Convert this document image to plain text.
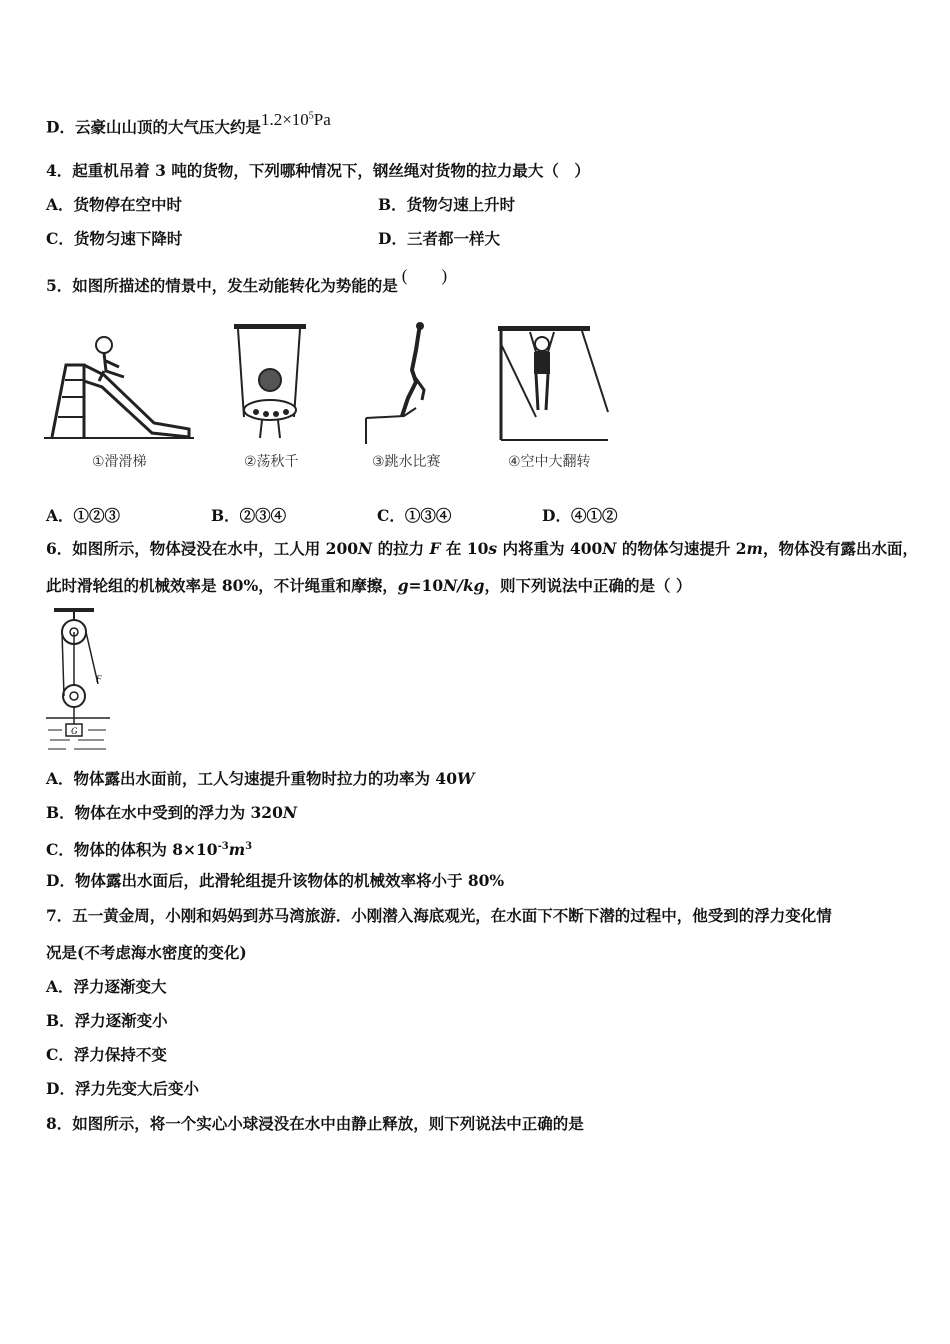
D．云豪山山顶的大气压大约是$1.2\times 10^5Pa$
4．起重机吊着 3 吨的货物，下列哪种情况下，钢丝绳对货物的拉力最大（　）
A．货物停在空中时	B．货物匀速上升时
C．货物匀速下降时	D．三者都一样大
5．如图所描述的情景中，发生动能转化为势能的是(　　)
①滑滑梯	②荡秋千	③跳水比赛	④空中大翻转
A．①②③	B．②③④	C．①③④	D．④①②
6．如图所示，物体浸没在水中，工人用 200N 的拉力 F 在 10s 内将重为 400N 的物体匀速提升 2m，物体没有露出水面，
此时滑轮组的机械效率是 80%，不计绳重和摩擦，g=10N/kg，则下列说法中正确的是（ ）
F
G
A．物体露出水面前，工人匀速提升重物时拉力的功率为 40W
B．物体在水中受到的浮力为 320N
C．物体的体积为 $8\times 10^{-3}m^3$
D．物体露出水面后，此滑轮组提升该物体的机械效率将小于 80%
7．五一黄金周，小刚和妈妈到苏马湾旅游．小刚潜入海底观光，在水面下不断下潜的过程中，他受到的浮力变化情
况是(不考虑海水密度的变化)
A．浮力逐渐变大
B．浮力逐渐变小
C．浮力保持不变
D．浮力先变大后变小
8．如图所示，将一个实心小球浸没在水中由静止释放，则下列说法中正确的是
